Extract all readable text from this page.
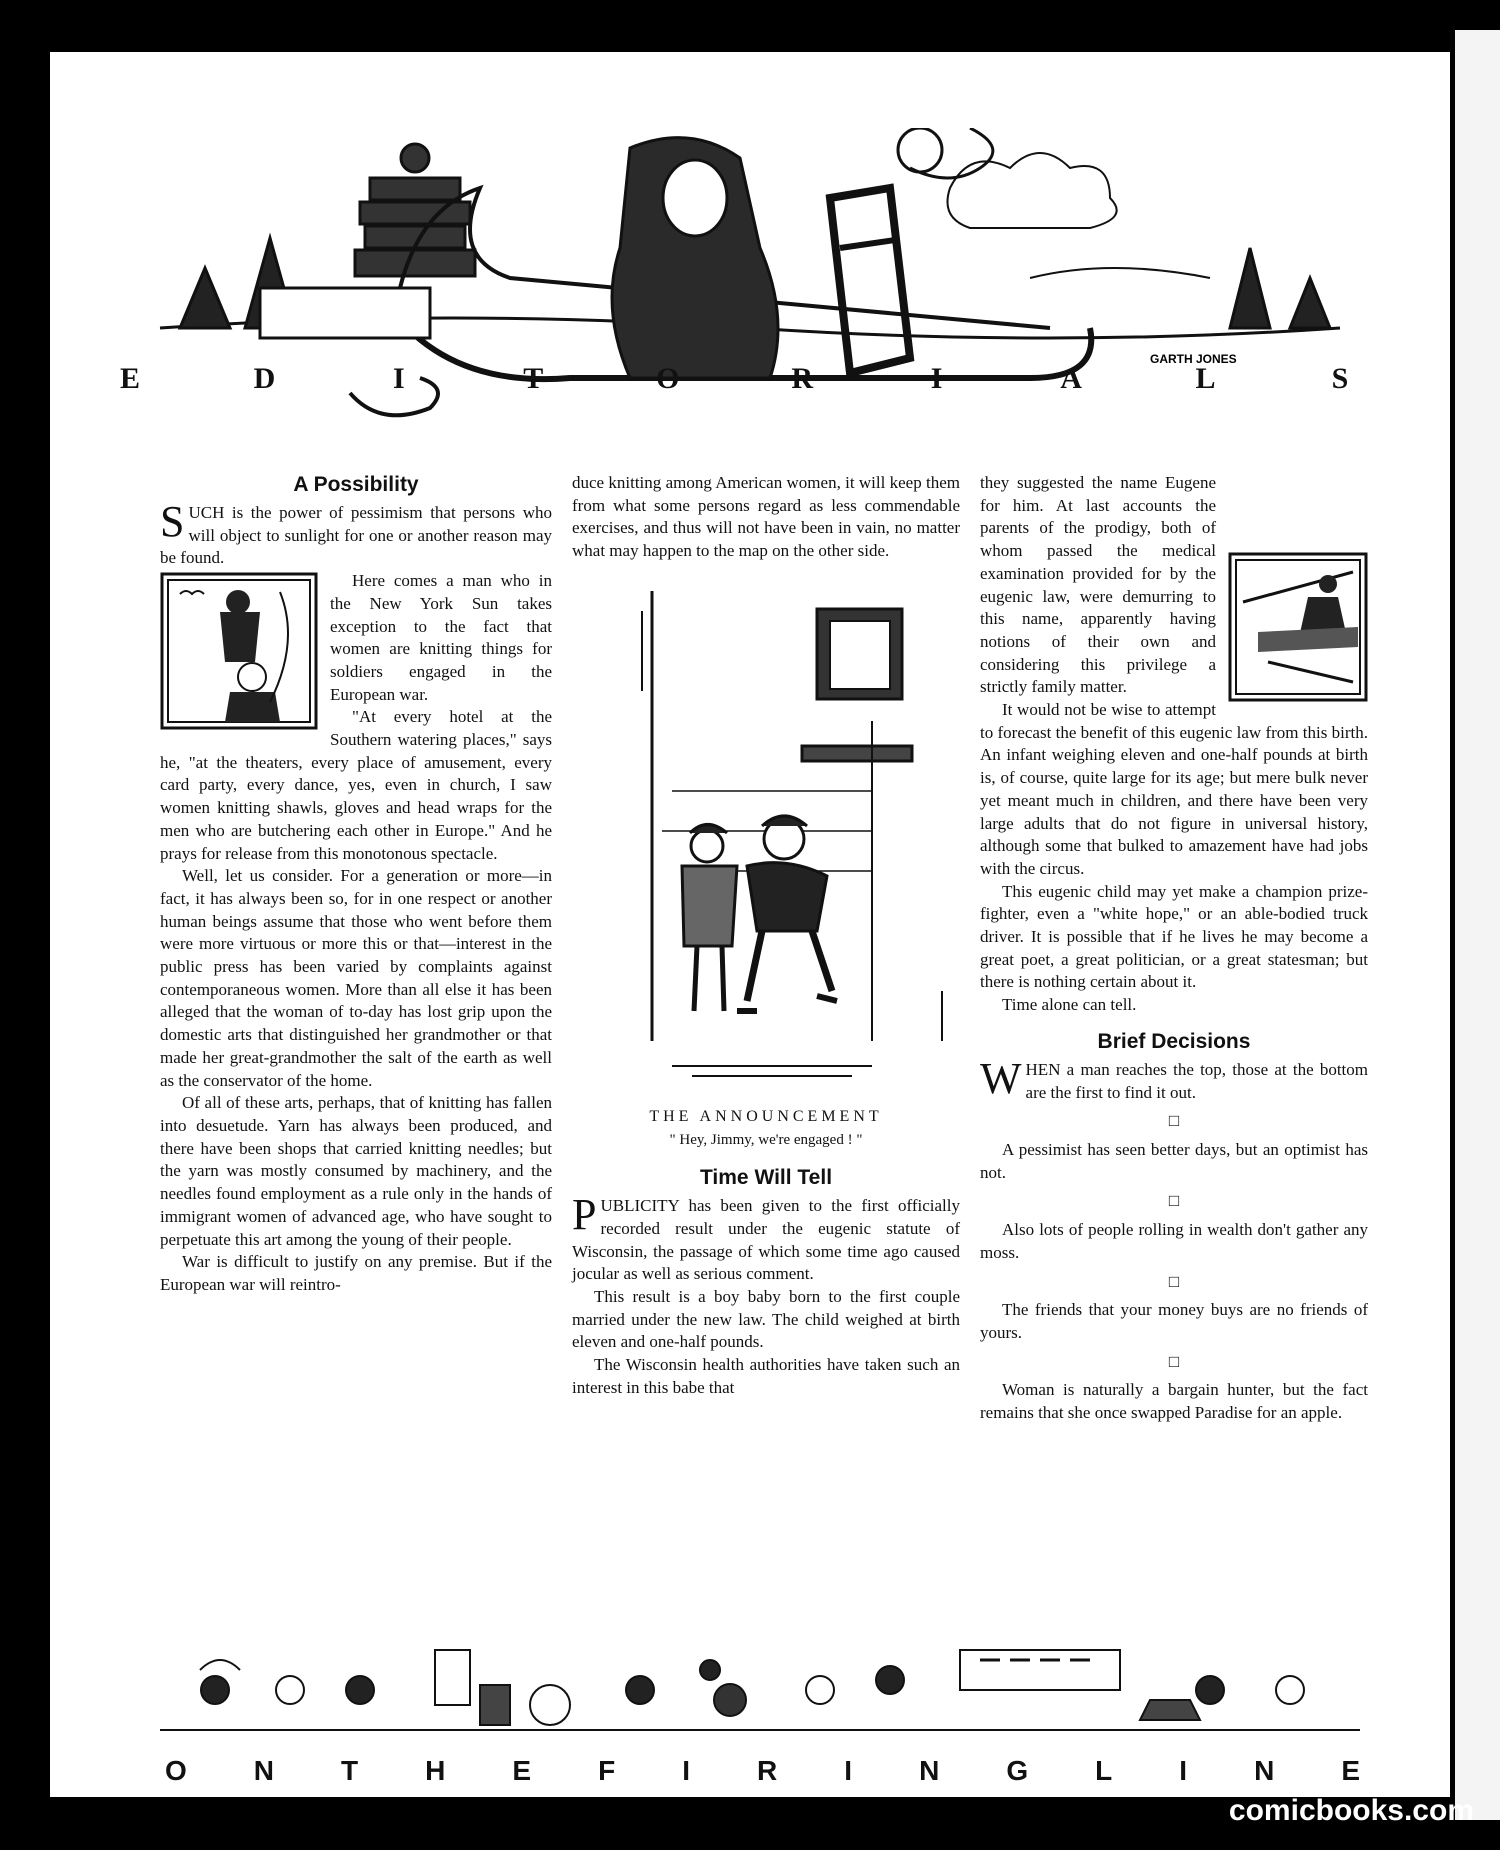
GARTH JONES
E	D	I	T	O	R	I	A	L	S
A Possibility

SUCH is the power of pessimism that persons who will object to sunlight for one or another reason may be found.

Here comes a man who in the New York Sun takes exception to the fact that women are knitting things for soldiers engaged in the European war.

"At every hotel at the Southern watering places," says he, "at the theaters, every place of amusement, every card party, every dance, yes, even in church, I saw women knitting shawls, gloves and head wraps for the men who are butchering each other in Europe." And he prays for release from this monotonous spectacle.

Well, let us consider. For a generation or more—in fact, it has always been so, for in one respect or another human beings assume that those who went before them were more virtuous or more this or that—interest in the public press has been varied by complaints against contemporaneous women. More than all else it has been alleged that the woman of to-day has lost grip upon the domestic arts that distinguished her grandmother or that made her great-grandmother the salt of the earth as well as the conservator of the home.

Of all of these arts, perhaps, that of knitting has fallen into desuetude. Yarn has always been produced, and there have been shops that carried knitting needles; but the yarn was mostly consumed by machinery, and the needles found employment as a rule only in the hands of immigrant women of advanced age, who have sought to perpetuate this art among the young of their people.

War is difficult to justify on any premise. But if the European war will reintro-

duce knitting among American women, it will keep them from what some persons regard as less commendable exercises, and thus will not have been in vain, no matter what may happen to the map on the other side.

THE ANNOUNCEMENT
" Hey, Jimmy, we're engaged ! "
Time Will Tell

PUBLICITY has been given to the first officially recorded result under the eugenic statute of Wisconsin, the passage of which some time ago caused jocular as well as serious comment.

This result is a boy baby born to the first couple married under the new law. The child weighed at birth eleven and one-half pounds.

The Wisconsin health authorities have taken such an interest in this babe that

they suggested the name Eugene for him. At last accounts the parents of the prodigy, both of whom passed the medical examination provided for by the eugenic law, were demurring to this name, apparently having notions of their own and considering this privilege a strictly family matter.

It would not be wise to attempt to forecast the benefit of this eugenic law from this birth. An infant weighing eleven and one-half pounds at birth is, of course, quite large for its age; but mere bulk never yet meant much in children, and there have been very large adults that do not figure in universal history, although some that bulked to amazement have had jobs with the circus.

This eugenic child may yet make a champion prize-fighter, even a "white hope," or an able-bodied truck driver. It is possible that if he lives he may become a great poet, a great politician, or a great statesman; but there is nothing certain about it.

Time alone can tell.

Brief Decisions

WHEN a man reaches the top, those at the bottom are the first to find it out.

□

A pessimist has seen better days, but an optimist has not.

□

Also lots of people rolling in wealth don't gather any moss.

□

The friends that your money buys are no friends of yours.

□

Woman is naturally a bargain hunter, but the fact remains that she once swapped Paradise for an apple.

O N T H E F I R I N G L I N E
comicbooks.com
